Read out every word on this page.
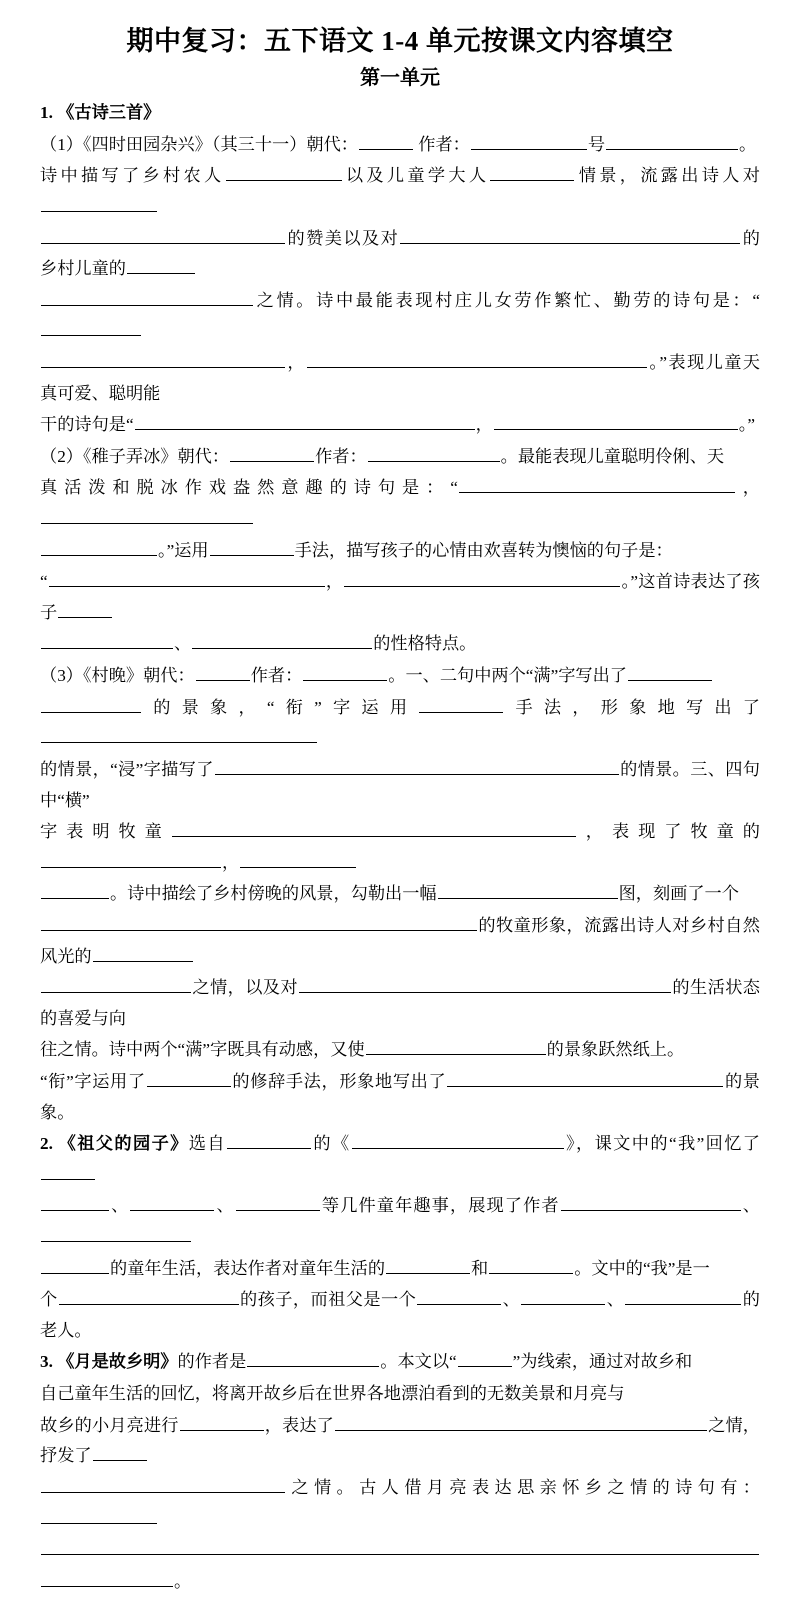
期中复习：五下语文 1-4 单元按课文内容填空
第一单元
1. 《古诗三首》
（1）《四时田园杂兴》（其三十一）朝代：	作者：	号	。
诗中描写了乡村农人	以及儿童学大人	情景，流露出诗人对
的赞美以及对	的乡村儿童的
之情。诗中最能表现村庄儿女劳作繁忙、勤劳的诗句是：“
，	。”表现儿童天真可爱、聪明能
干的诗句是“	，	。”
（2）《稚子弄冰》朝代：	作者：	。最能表现儿童聪明伶俐、天
真活泼和脱冰作戏盎然意趣的诗句是：“	，
。”运用	手法，描写孩子的心情由欢喜转为懊恼的句子是：
“	，	。”这首诗表达了孩子
、	的性格特点。
（3）《村晚》朝代：	作者：	。一、二句中两个“满”字写出了
的景象，“衔”字运用	手法，形象地写出了
的情景，“浸”字描写了	的情景。三、四句中“横”
字表明牧童	，表现了牧童的，
。诗中描绘了乡村傍晚的风景，勾勒出一幅	图，刻画了一个
的牧童形象，流露出诗人对乡村自然风光的
之情，以及对	的生活状态的喜爱与向
往之情。诗中两个“满”字既具有动感，又使	的景象跃然纸上。
“衔”字运用了	的修辞手法，形象地写出了	的景象。
2. 《祖父的园子》选自	的《	》，课文中的“我”回忆了
、	、	等几件童年趣事，展现了作者	、
的童年生活，表达作者对童年生活的	和	。文中的“我”是一
个	的孩子，而祖父是一个	、	、	的老人。
3. 《月是故乡明》的作者是	。本文以“	”为线索，通过对故乡和
自己童年生活的回忆，将离开故乡后在世界各地漂泊看到的无数美景和月亮与
故乡的小月亮进行	，表达了	之情，抒发了
之情。古人借月亮表达思亲怀乡之情的诗句有：
。
